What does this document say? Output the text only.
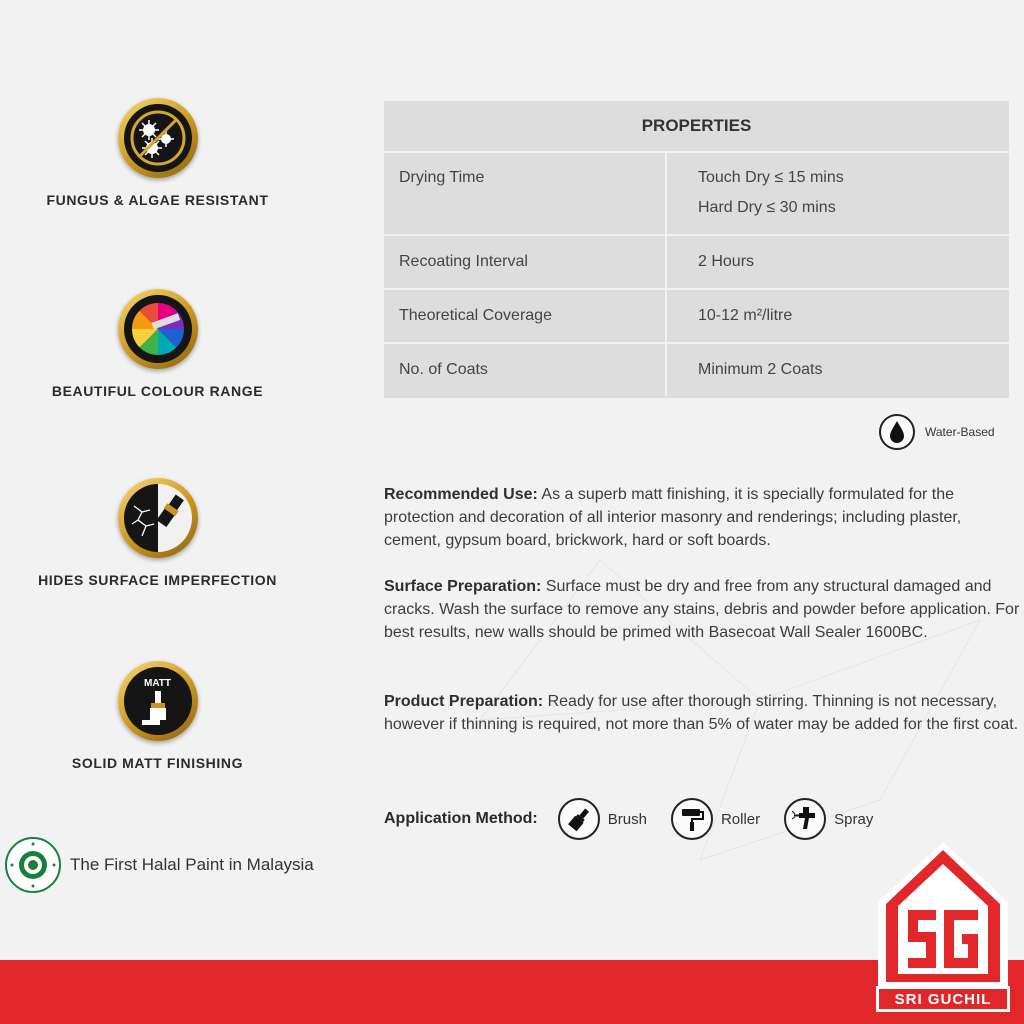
FUNGUS & ALGAE RESISTANT
BEAUTIFUL COLOUR RANGE
HIDES SURFACE IMPERFECTION
MATT
SOLID MATT FINISHING
The First Halal Paint in Malaysia
PROPERTIES
Drying Time	Touch Dry ≤ 15 mins
Hard Dry ≤ 30 mins
Recoating Interval	2 Hours
Theoretical Coverage	10-12 m²/litre
No. of Coats	Minimum 2 Coats
Water-Based
Recommended Use: As a superb matt finishing, it is specially formulated for the protection and decoration of all interior masonry and renderings; including plaster, cement, gypsum board, brickwork, hard or soft boards.
Surface Preparation: Surface must be dry and free from any structural damaged and cracks. Wash the surface to remove any stains, debris and powder before application. For best results, new walls should be primed with Basecoat Wall Sealer 1600BC.
Product Preparation: Ready for use after thorough stirring. Thinning is not necessary, however if thinning is required, not more than 5% of water may be added for the first coat.
Application Method:	Brush	Roller	Spray
SRI GUCHIL
